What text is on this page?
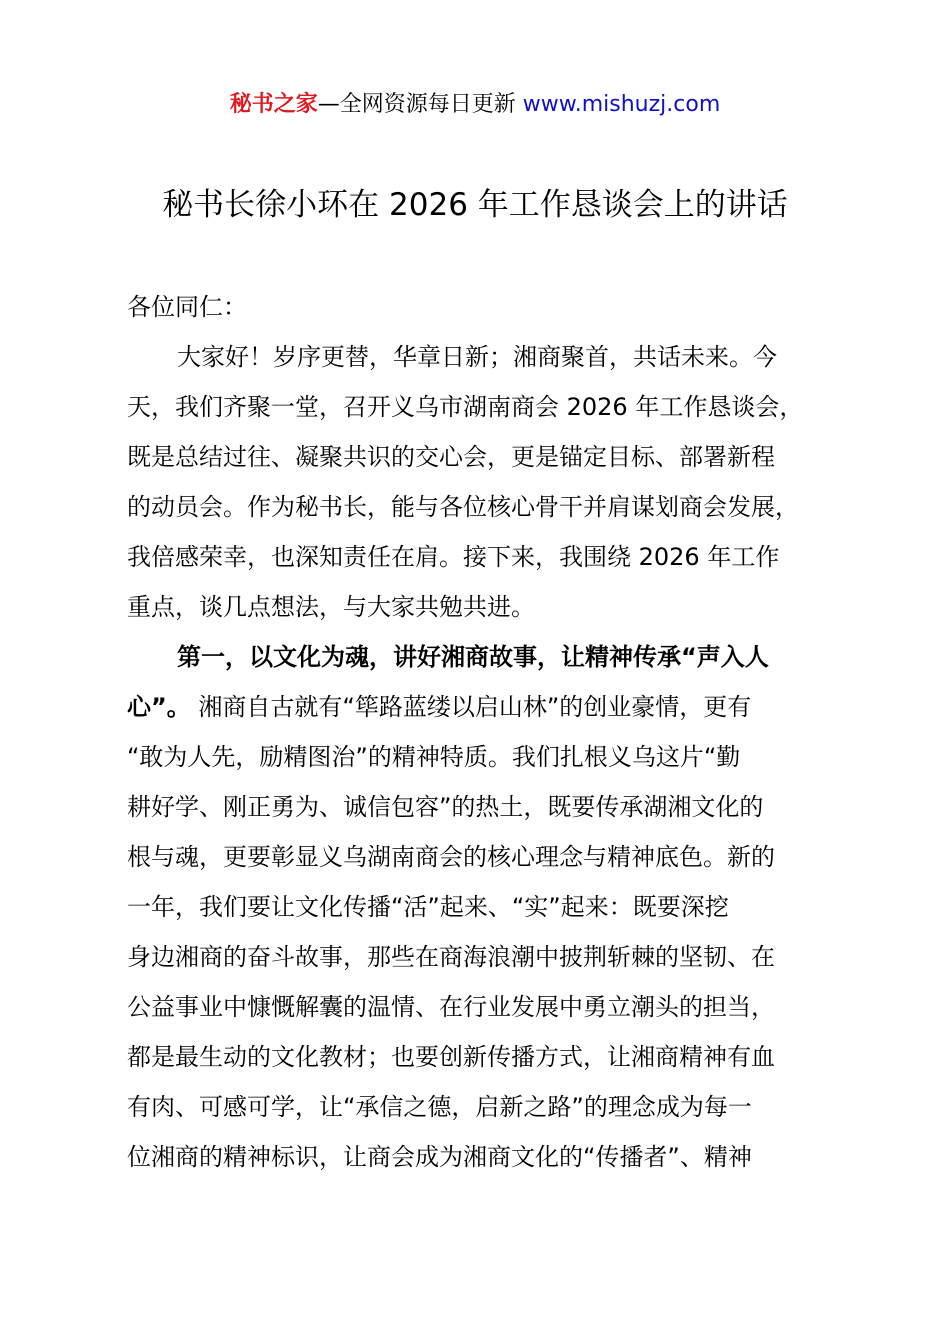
秘书之家—全网资源每日更新 www.mishuzj.com
秘书长徐小环在 2026 年工作恳谈会上的讲话
各位同仁：
大家好！岁序更替，华章日新；湘商聚首，共话未来。今
天，我们齐聚一堂，召开义乌市湖南商会 2026 年工作恳谈会，
既是总结过往、凝聚共识的交心会，更是锚定目标、部署新程
的动员会。作为秘书长，能与各位核心骨干并肩谋划商会发展，
我倍感荣幸，也深知责任在肩。接下来，我围绕 2026 年工作
重点，谈几点想法，与大家共勉共进。
第一，以文化为魂，讲好湘商故事，让精神传承“声入人
心”。 湘商自古就有“筚路蓝缕以启山林”的创业豪情，更有
“敢为人先，励精图治”的精神特质。我们扎根义乌这片“勤
耕好学、刚正勇为、诚信包容”的热土，既要传承湖湘文化的
根与魂，更要彰显义乌湖南商会的核心理念与精神底色。新的
一年，我们要让文化传播“活”起来、“实”起来：既要深挖
身边湘商的奋斗故事，那些在商海浪潮中披荆斩棘的坚韧、在
公益事业中慷慨解囊的温情、在行业发展中勇立潮头的担当，
都是最生动的文化教材；也要创新传播方式，让湘商精神有血
有肉、可感可学，让“承信之德，启新之路”的理念成为每一
位湘商的精神标识，让商会成为湘商文化的“传播者”、精神
